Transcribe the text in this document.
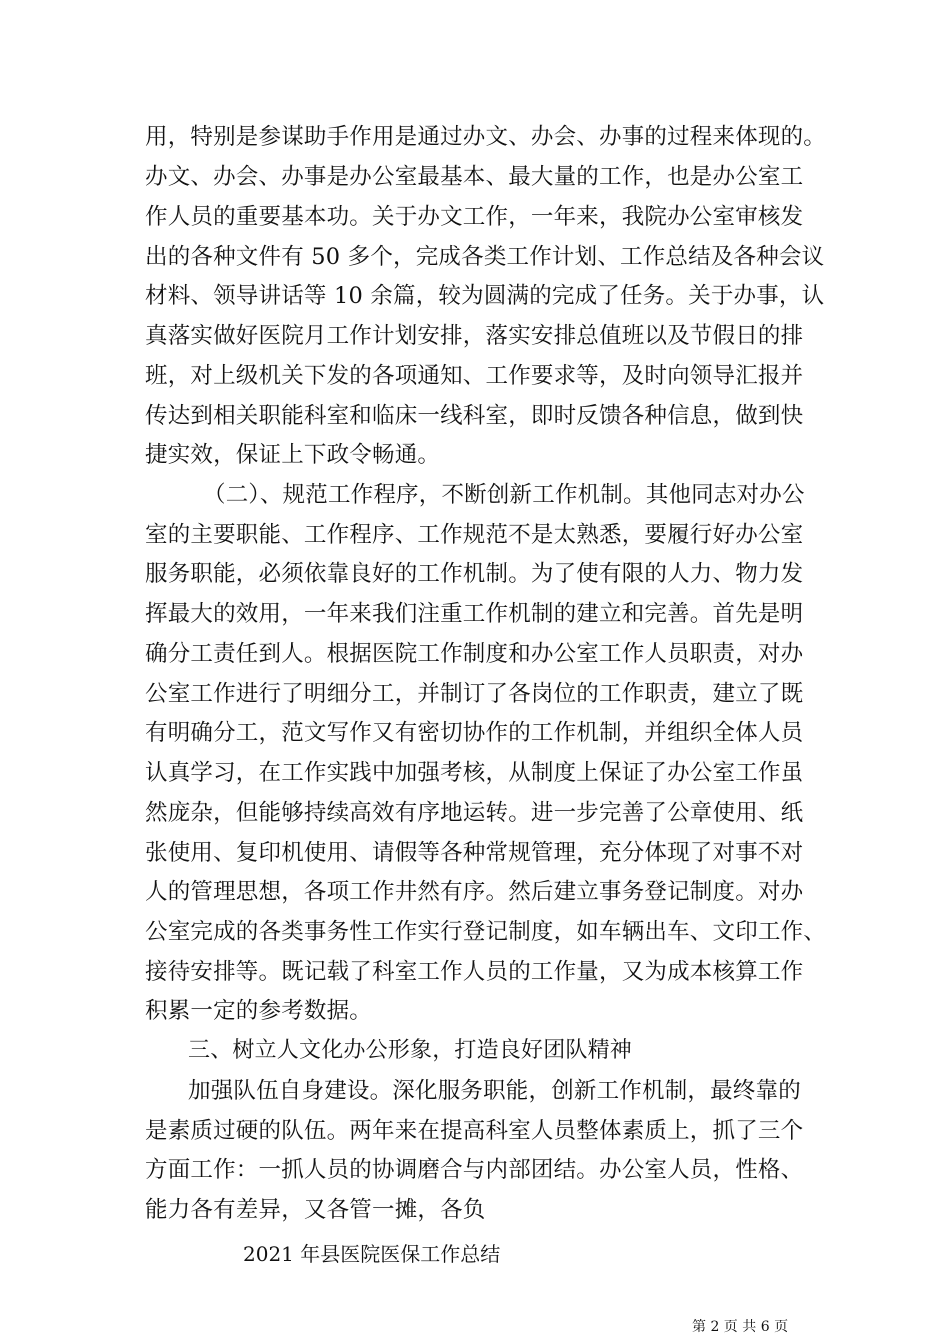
用，特别是参谋助手作用是通过办文、办会、办事的过程来体现的。
办文、办会、办事是办公室最基本、最大量的工作，也是办公室工
作人员的重要基本功。关于办文工作，一年来，我院办公室审核发
出的各种文件有 50 多个，完成各类工作计划、工作总结及各种会议
材料、领导讲话等 10 余篇，较为圆满的完成了任务。关于办事，认
真落实做好医院月工作计划安排，落实安排总值班以及节假日的排
班，对上级机关下发的各项通知、工作要求等，及时向领导汇报并
传达到相关职能科室和临床一线科室，即时反馈各种信息，做到快
捷实效，保证上下政令畅通。
（二）、规范工作程序，不断创新工作机制。其他同志对办公
室的主要职能、工作程序、工作规范不是太熟悉，要履行好办公室
服务职能，必须依靠良好的工作机制。为了使有限的人力、物力发
挥最大的效用，一年来我们注重工作机制的建立和完善。首先是明
确分工责任到人。根据医院工作制度和办公室工作人员职责，对办
公室工作进行了明细分工，并制订了各岗位的工作职责，建立了既
有明确分工，范文写作又有密切协作的工作机制，并组织全体人员
认真学习，在工作实践中加强考核，从制度上保证了办公室工作虽
然庞杂，但能够持续高效有序地运转。进一步完善了公章使用、纸
张使用、复印机使用、请假等各种常规管理，充分体现了对事不对
人的管理思想，各项工作井然有序。然后建立事务登记制度。对办
公室完成的各类事务性工作实行登记制度，如车辆出车、文印工作、
接待安排等。既记载了科室工作人员的工作量，又为成本核算工作
积累一定的参考数据。
三、树立人文化办公形象，打造良好团队精神
加强队伍自身建设。深化服务职能，创新工作机制，最终靠的
是素质过硬的队伍。两年来在提高科室人员整体素质上，抓了三个
方面工作：一抓人员的协调磨合与内部团结。办公室人员，性格、
能力各有差异，又各管一摊，各负
2021 年县医院医保工作总结
第 2 页 共 6 页
